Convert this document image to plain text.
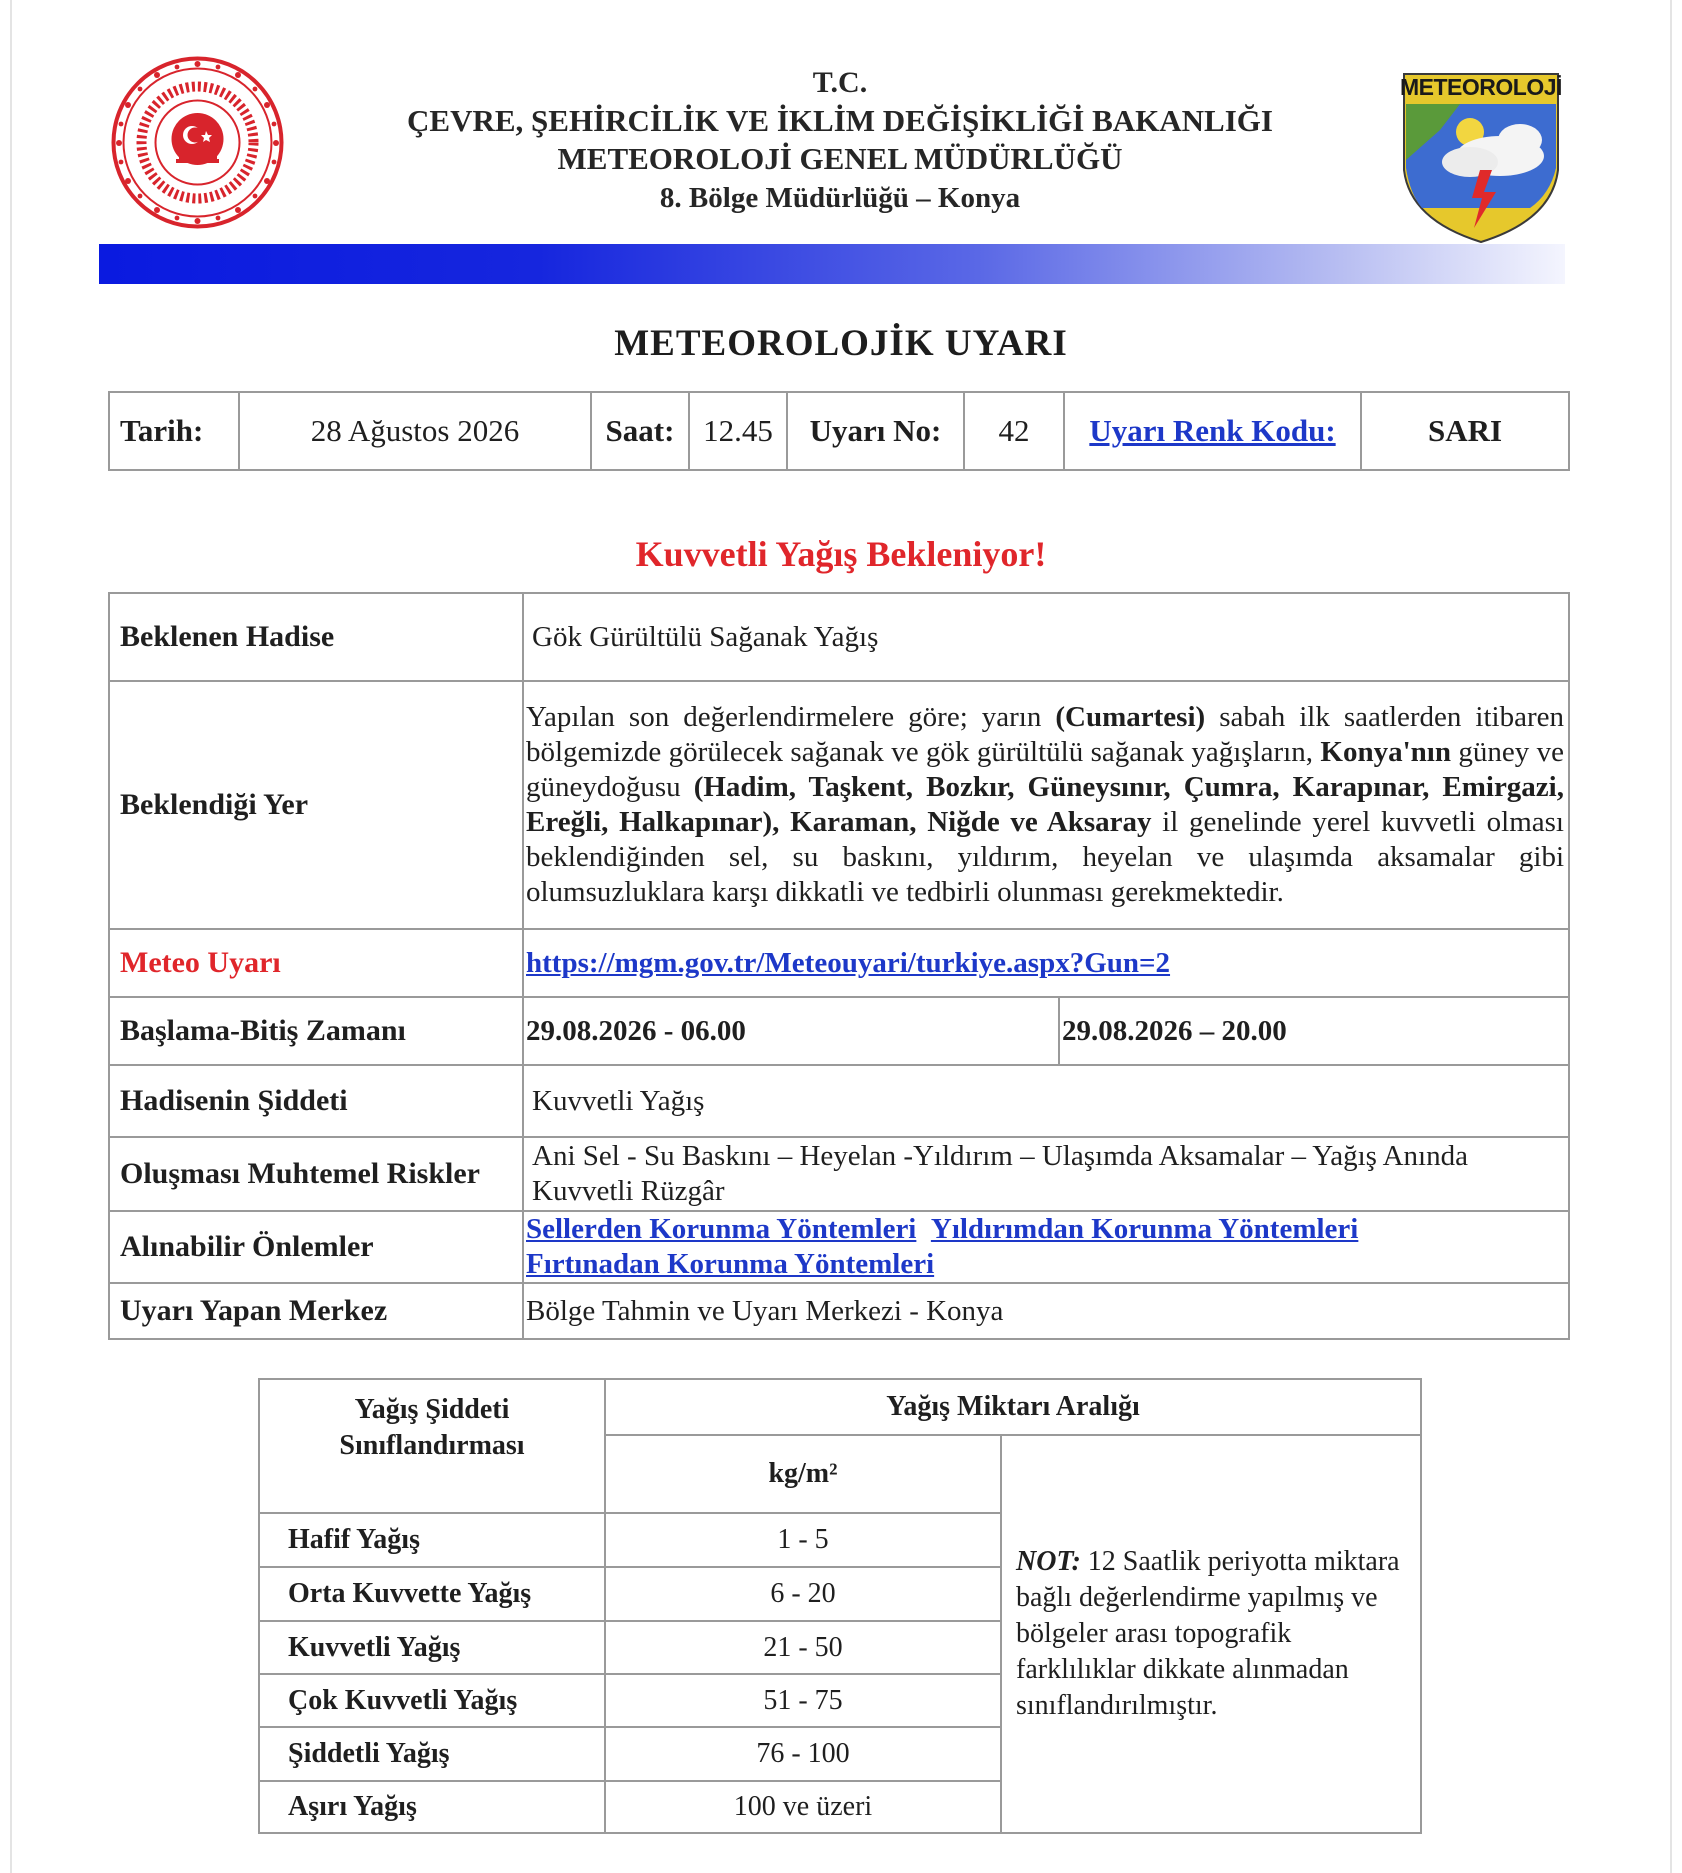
METEOROLOJİ
T.C.
ÇEVRE, ŞEHİRCİLİK VE İKLİM DEĞİŞİKLİĞİ BAKANLIĞI
METEOROLOJİ GENEL MÜDÜRLÜĞÜ
8. Bölge Müdürlüğü – Konya
METEOROLOJİK UYARI
Tarih:	28 Ağustos 2026	Saat:	12.45	Uyarı No:	42	Uyarı Renk Kodu:	SARI
Kuvvetli Yağış Bekleniyor!
Beklenen Hadise	Gök Gürültülü Sağanak Yağış	
Beklendiği Yer	Yapılan son değerlendirmelere göre; yarın (Cumartesi) sabah ilk saatlerden itibaren bölgemizde görülecek sağanak ve gök gürültülü sağanak yağışların, Konya'nın güney ve güneydoğusu (Hadim, Taşkent, Bozkır, Güneysınır, Çumra, Karapınar, Emirgazi, Ereğli, Halkapınar), Karaman, Niğde ve Aksaray il genelinde yerel kuvvetli olması beklendiğinden sel, su baskını, yıldırım, heyelan ve ulaşımda aksamalar gibi olumsuzluklara karşı dikkatli ve tedbirli olunması gerekmektedir.	
Meteo Uyarı	https://mgm.gov.tr/Meteouyari/turkiye.aspx?Gun=2	
Başlama-Bitiş Zamanı	29.08.2026 - 06.00	29.08.2026 – 20.00
Hadisenin Şiddeti	Kuvvetli Yağış	
Oluşması Muhtemel Riskler	Ani Sel - Su Baskını – Heyelan -Yıldırım – Ulaşımda Aksamalar – Yağış Anında Kuvvetli Rüzgâr	
Alınabilir Önlemler	Sellerden Korunma Yöntemleri Yıldırımdan Korunma Yöntemleri
Fırtınadan Korunma Yöntemleri	
Uyarı Yapan Merkez	Bölge Tahmin ve Uyarı Merkezi - Konya	
Yağış Şiddeti
Sınıflandırması	Yağış Miktarı Aralığı	
	kg/m²	NOT: 12 Saatlik periyotta miktara bağlı değerlendirme yapılmış ve bölgeler arası topografik farklılıklar dikkate alınmadan sınıflandırılmıştır.
Hafif Yağış	1 - 5	
Orta Kuvvette Yağış	6 - 20	
Kuvvetli Yağış	21 - 50	
Çok Kuvvetli Yağış	51 - 75	
Şiddetli Yağış	76 - 100	
Aşırı Yağış	100 ve üzeri	
